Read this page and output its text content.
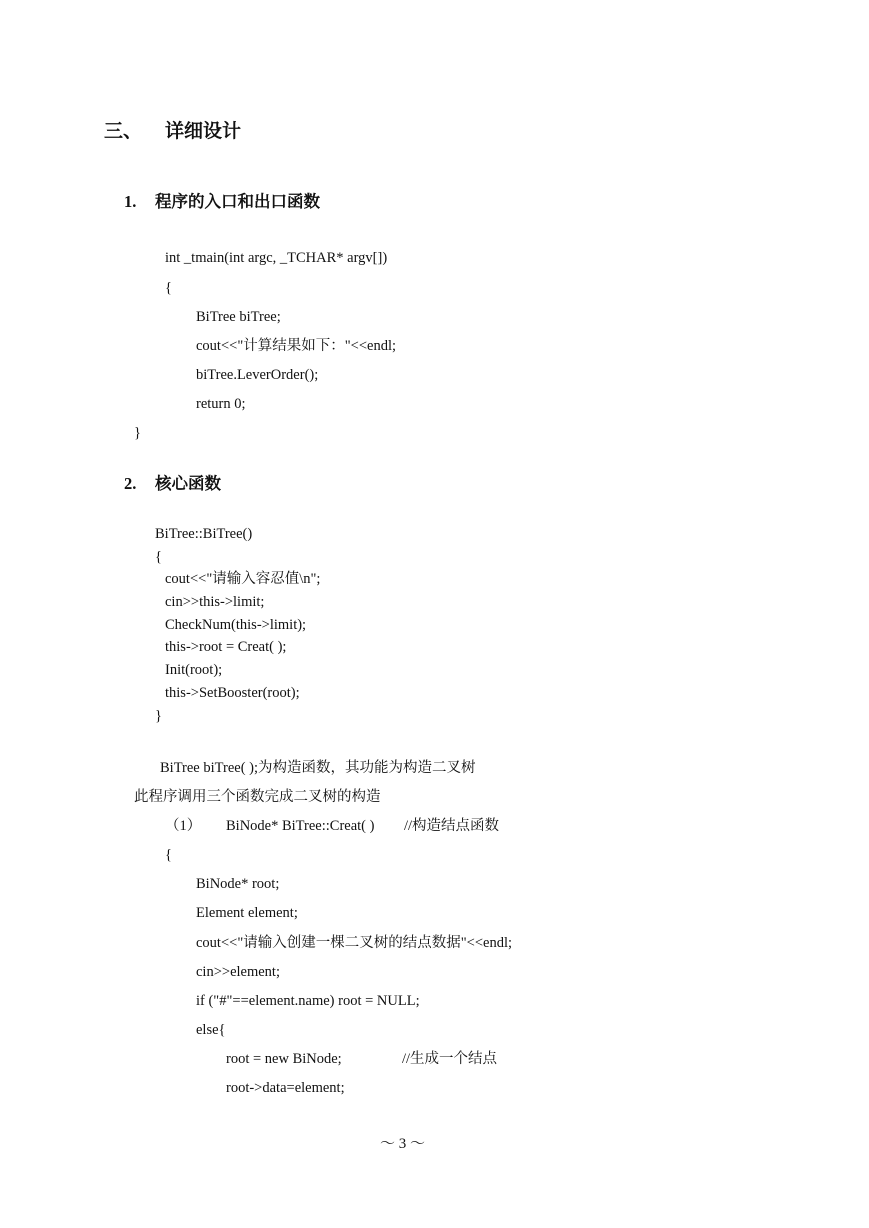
三、 详细设计
1. 程序的入口和出口函数
int _tmain(int argc, _TCHAR* argv[])
{
BiTree biTree;
cout<<"计算结果如下："<<endl;
biTree.LeverOrder();
return 0;
}
2. 核心函数
BiTree::BiTree()
{
cout<<"请输入容忍值\n";
cin>>this->limit;
CheckNum(this->limit);
this->root = Creat( );
Init(root);
this->SetBooster(root);
}
BiTree biTree( );为构造函数，其功能为构造二叉树
此程序调用三个函数完成二叉树的构造
（1） BiNode* BiTree::Creat( ) //构造结点函数
{
BiNode* root;
Element element;
cout<<"请输入创建一棵二叉树的结点数据"<<endl;
cin>>element;
if ("#"==element.name) root = NULL;
else{
root = new BiNode;	//生成一个结点
root->data=element;
～ 3 ～
